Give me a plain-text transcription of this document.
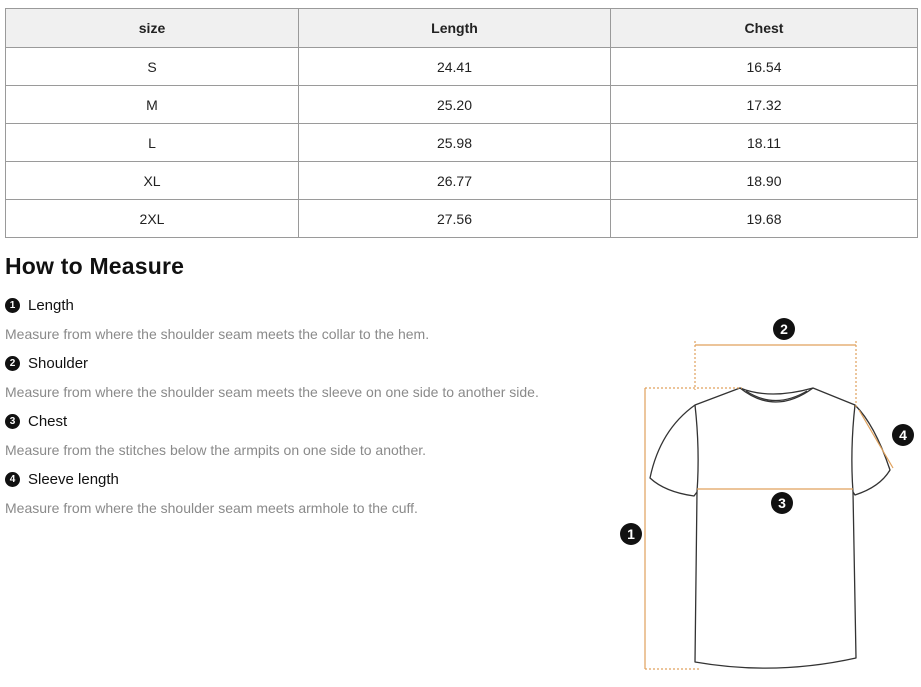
size	Length	Chest
S	24.41	16.54
M	25.20	17.32
L	25.98	18.11
XL	26.77	18.90
2XL	27.56	19.68
How to Measure
1 Length
Measure from where the shoulder seam meets the collar to the hem.
2 Shoulder
Measure from where the shoulder seam meets the sleeve on one side to another side.
3 Chest
Measure from the stitches below the armpits on one side to another.
4 Sleeve length
Measure from where the shoulder seam meets armhole to the cuff.
1
2
3
4
